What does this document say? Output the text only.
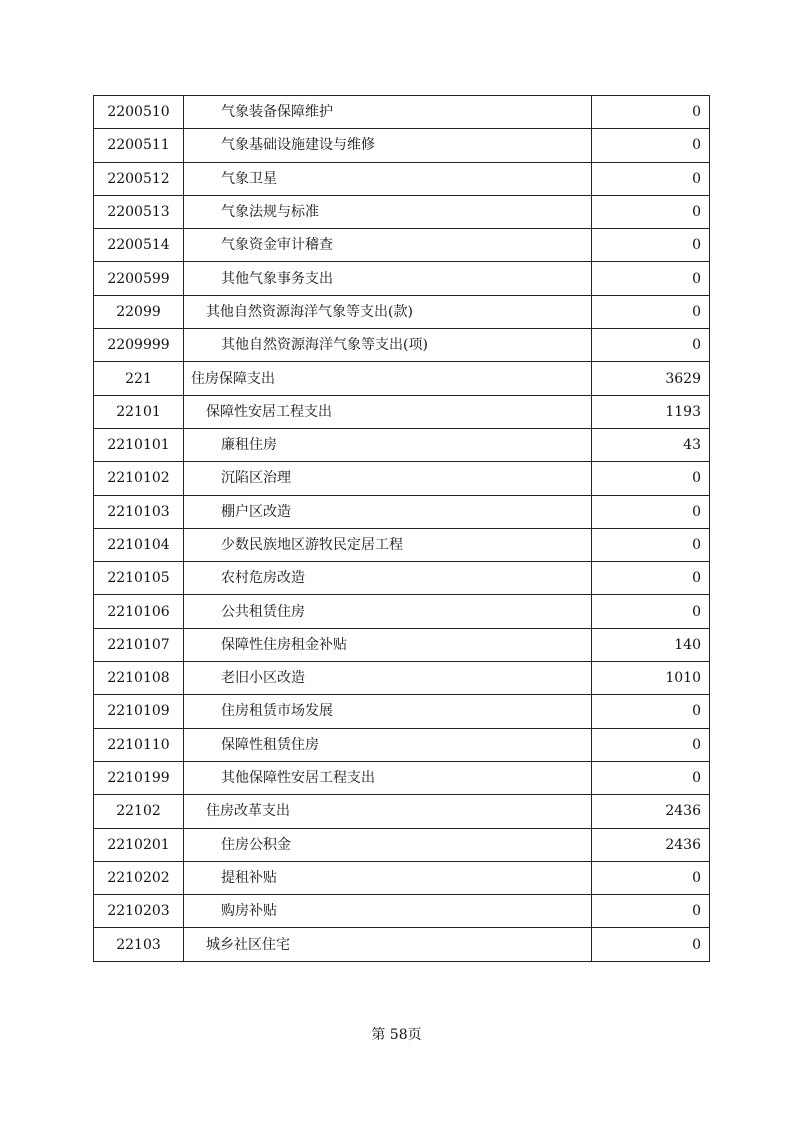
2200510	气象装备保障维护	0
2200511	气象基础设施建设与维修	0
2200512	气象卫星	0
2200513	气象法规与标准	0
2200514	气象资金审计稽查	0
2200599	其他气象事务支出	0
22099	其他自然资源海洋气象等支出(款)	0
2209999	其他自然资源海洋气象等支出(项)	0
221	住房保障支出	3629
22101	保障性安居工程支出	1193
2210101	廉租住房	43
2210102	沉陷区治理	0
2210103	棚户区改造	0
2210104	少数民族地区游牧民定居工程	0
2210105	农村危房改造	0
2210106	公共租赁住房	0
2210107	保障性住房租金补贴	140
2210108	老旧小区改造	1010
2210109	住房租赁市场发展	0
2210110	保障性租赁住房	0
2210199	其他保障性安居工程支出	0
22102	住房改革支出	2436
2210201	住房公积金	2436
2210202	提租补贴	0
2210203	购房补贴	0
22103	城乡社区住宅	0
第 58页
